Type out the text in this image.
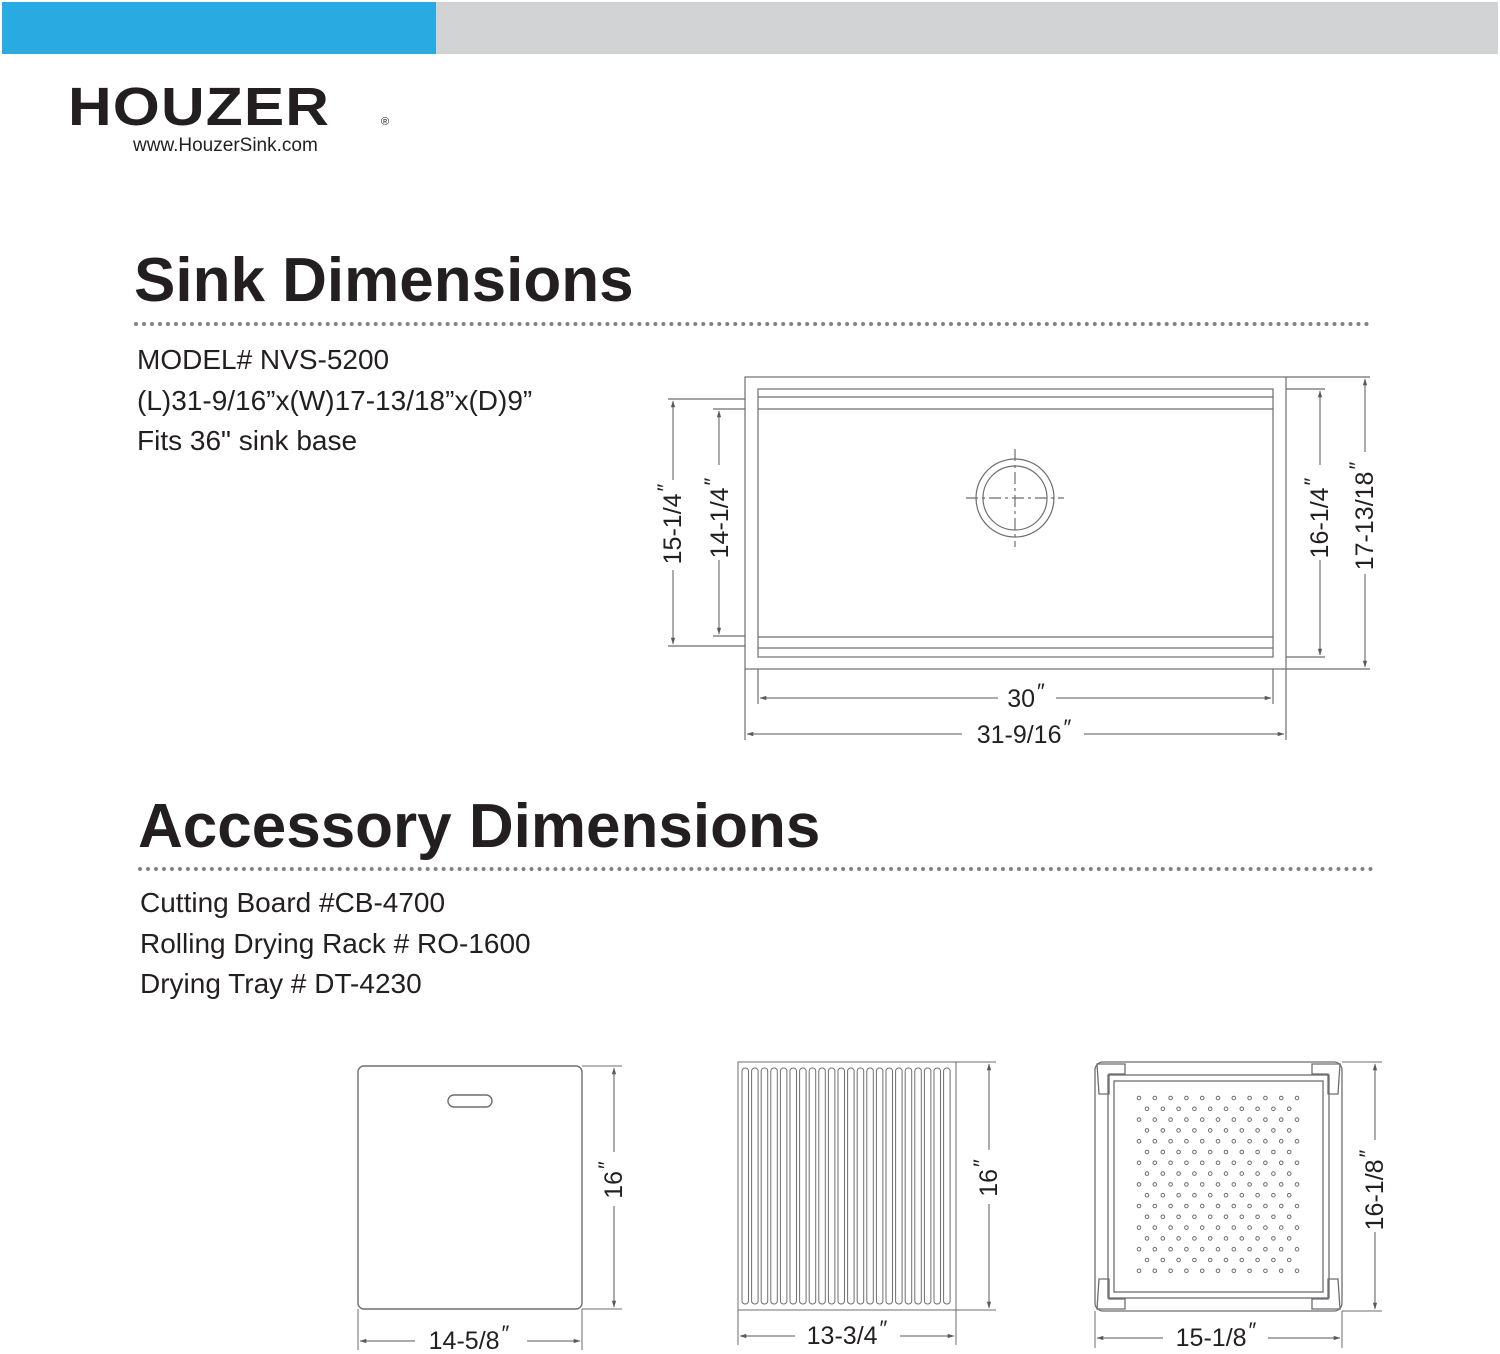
HOUZER	®
www.HouzerSink.com
Sink Dimensions
MODEL# NVS-5200
(L)31-9/16”x(W)17-13/18”x(D)9”
Fits 36" sink base
Accessory Dimensions
Cutting Board #CB-4700
Rolling Drying Rack # RO-1600
Drying Tray # DT-4230
15-1/4″	14-1/4″
16-1/4″	17-13/18″
30″
31-9/16″
16″
14-5/8″
16″
13-3/4″
16-1/8″
15-1/8″
